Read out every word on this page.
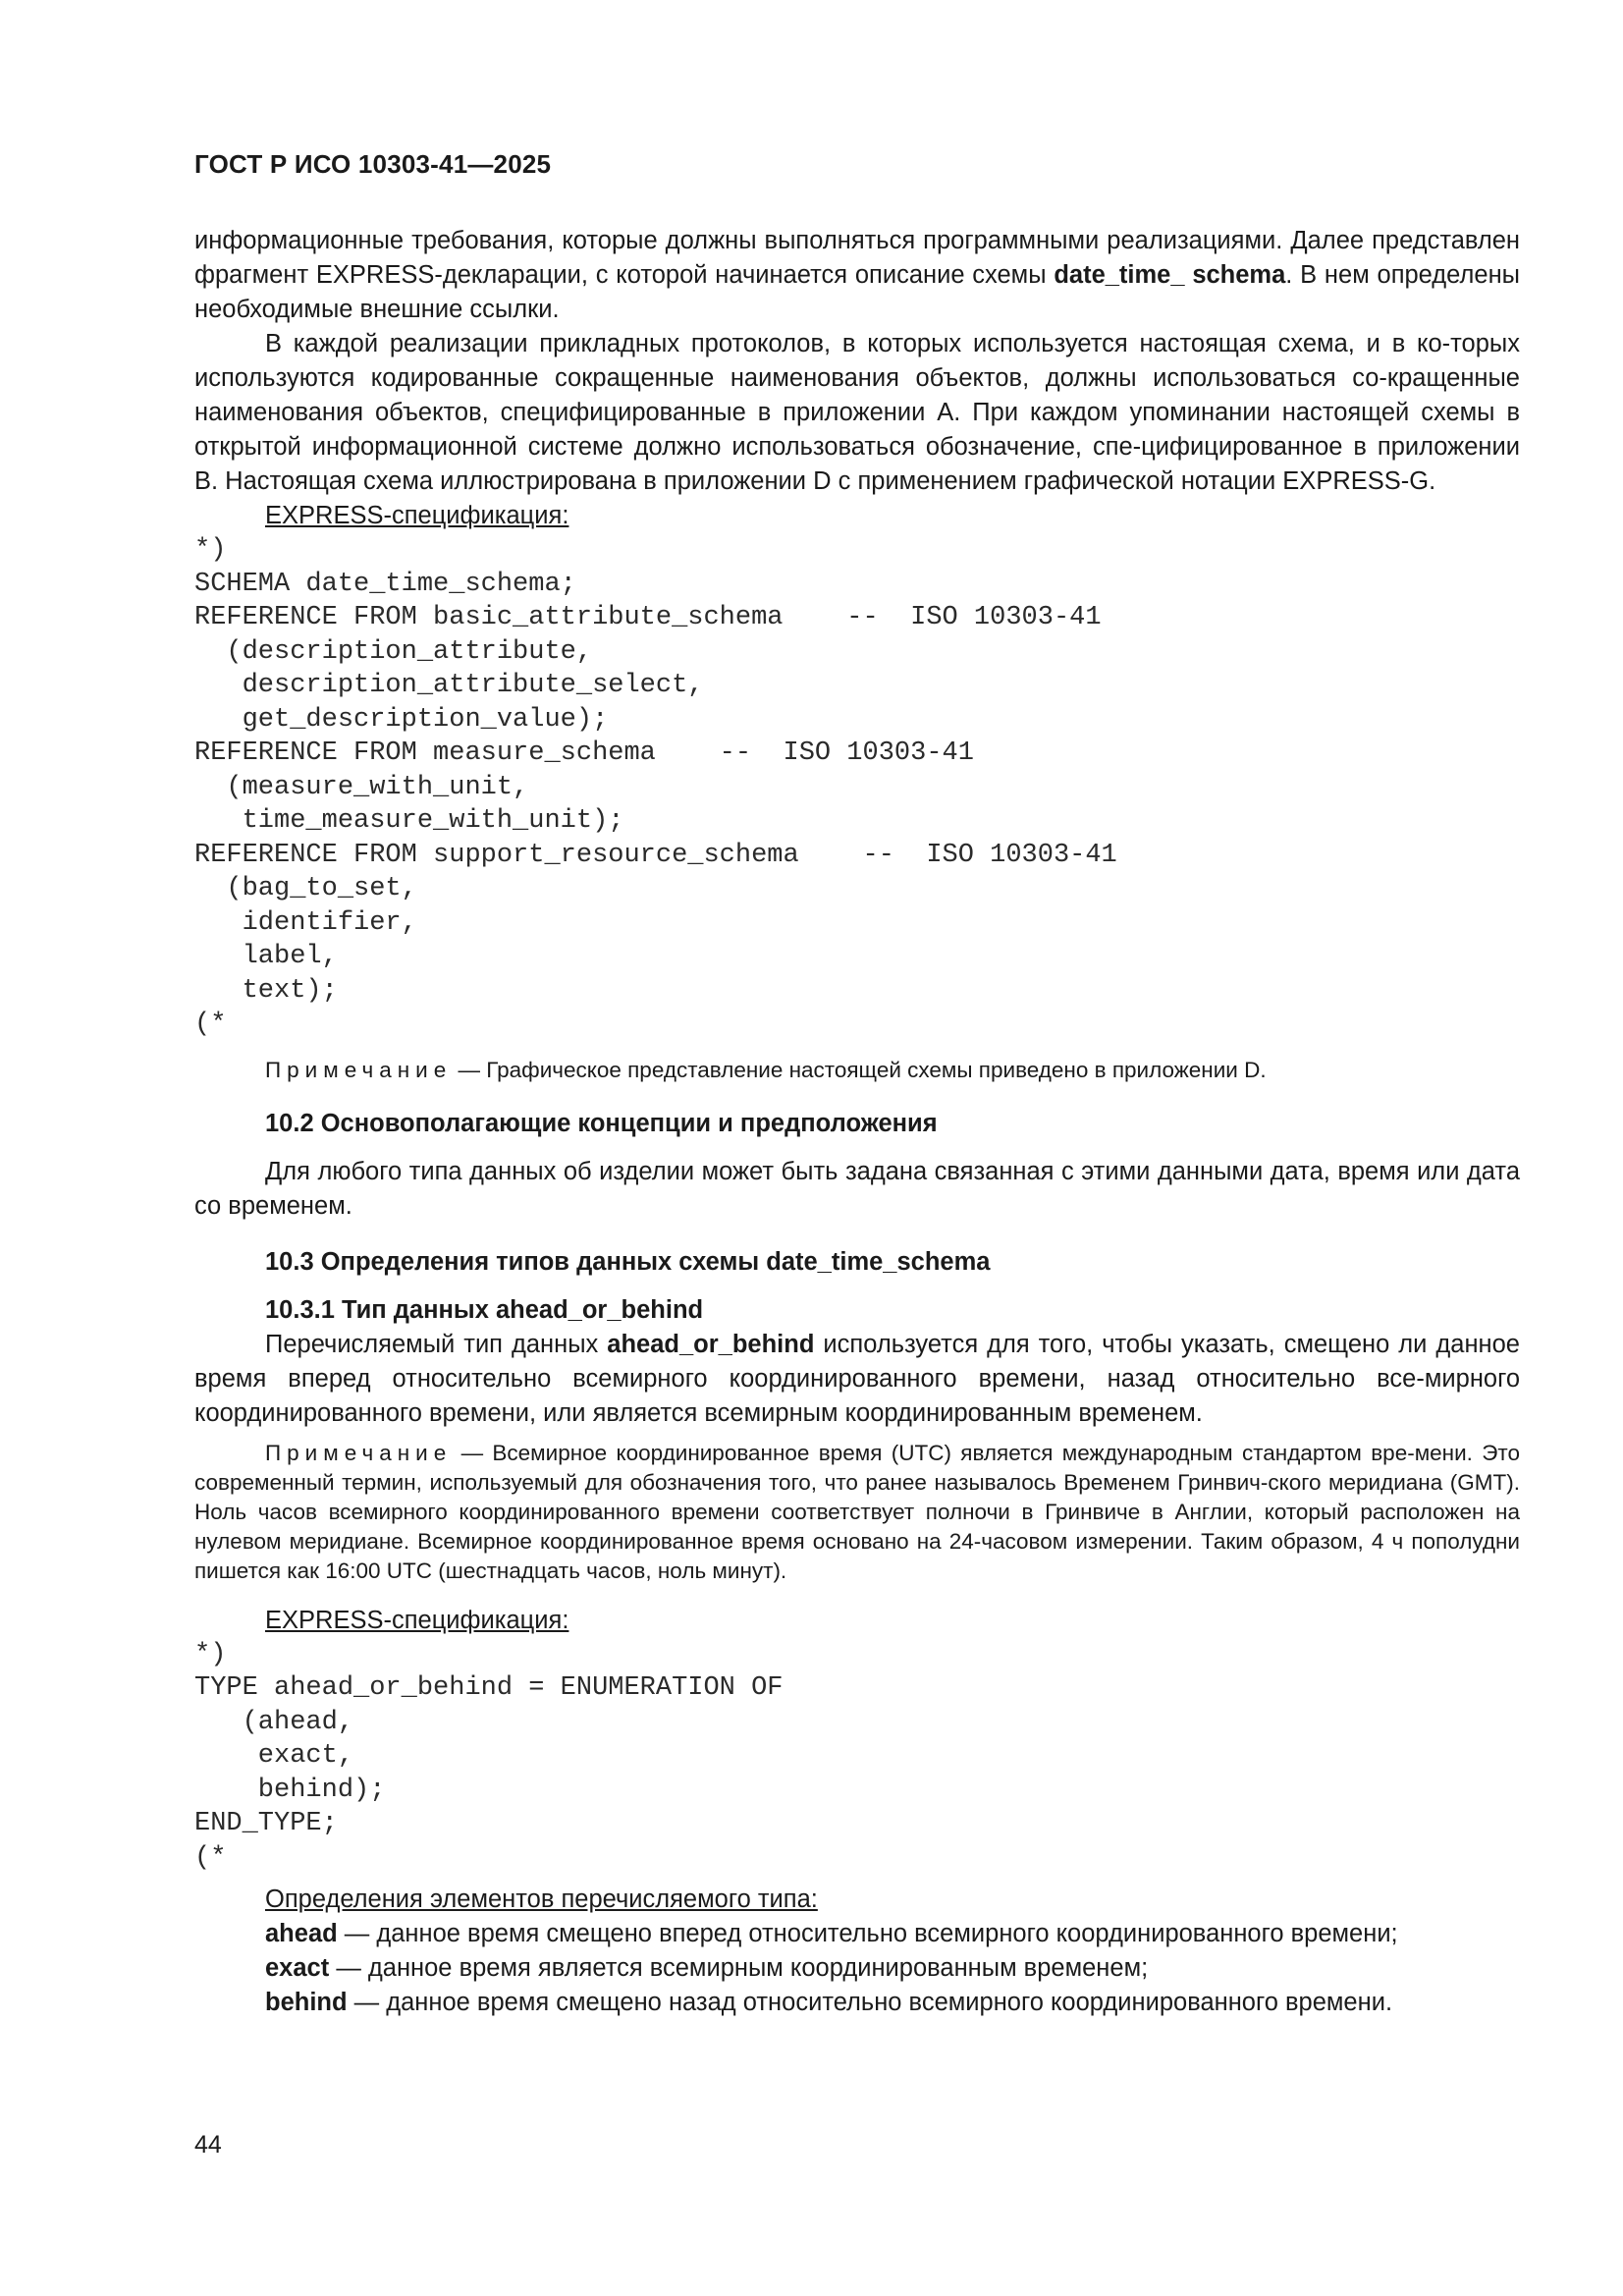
ГОСТ Р ИСО 10303-41—2025

информационные требования, которые должны выполняться программными реализациями. Далее представлен фрагмент EXPRESS-декларации, с которой начинается описание схемы date_time_ schema. В нем определены необходимые внешние ссылки.

В каждой реализации прикладных протоколов, в которых используется настоящая схема, и в ко-торых используются кодированные сокращенные наименования объектов, должны использоваться со-кращенные наименования объектов, специфицированные в приложении А. При каждом упоминании настоящей схемы в открытой информационной системе должно использоваться обозначение, спе-цифицированное в приложении В. Настоящая схема иллюстрирована в приложении D с применением графической нотации EXPRESS-G.

EXPRESS-спецификация:

*)
SCHEMA date_time_schema;
REFERENCE FROM basic_attribute_schema    --  ISO 10303-41
(description_attribute,
description_attribute_select,
get_description_value);
REFERENCE FROM measure_schema    --  ISO 10303-41
(measure_with_unit,
time_measure_with_unit);
REFERENCE FROM support_resource_schema    --  ISO 10303-41
(bag_to_set,
identifier,
label,
text);
(*

Примечание — Графическое представление настоящей схемы приведено в приложении D.

10.2 Основополагающие концепции и предположения

Для любого типа данных об изделии может быть задана связанная с этими данными дата, время или дата со временем.

10.3 Определения типов данных схемы date_time_schema

10.3.1 Тип данных ahead_or_behind

Перечисляемый тип данных ahead_or_behind используется для того, чтобы указать, смещено ли данное время вперед относительно всемирного координированного времени, назад относительно все-мирного координированного времени, или является всемирным координированным временем.

Примечание — Всемирное координированное время (UTC) является международным стандартом вре-мени. Это современный термин, используемый для обозначения того, что ранее называлось Временем Гринвич-ского меридиана (GMT). Ноль часов всемирного координированного времени соответствует полночи в Гринвиче в Англии, который расположен на нулевом меридиане. Всемирное координированное время основано на 24-часовом измерении. Таким образом, 4 ч пополудни пишется как 16:00 UTC (шестнадцать часов, ноль минут).

EXPRESS-спецификация:

*)
TYPE ahead_or_behind = ENUMERATION OF
(ahead,
exact,
behind);
END_TYPE;
(*

Определения элементов перечисляемого типа:

ahead — данное время смещено вперед относительно всемирного координированного времени;

exact — данное время является всемирным координированным временем;

behind — данное время смещено назад относительно всемирного координированного времени.

44
